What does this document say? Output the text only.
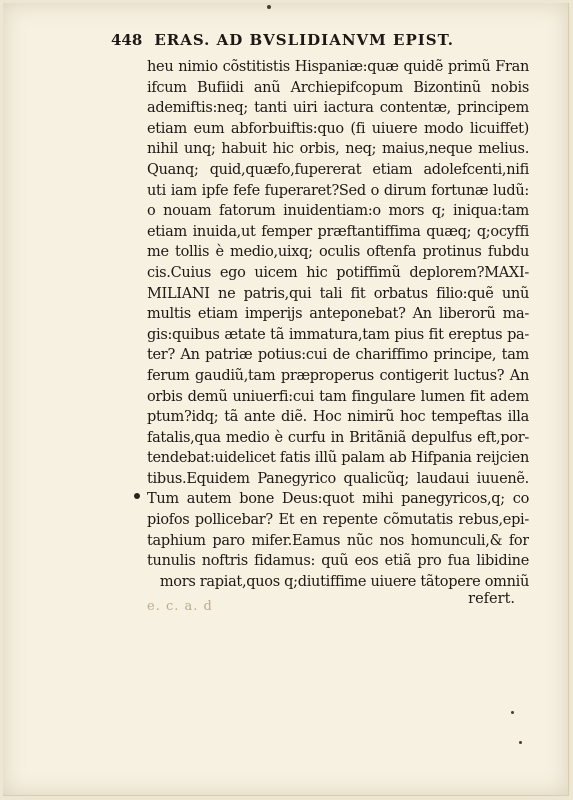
448 ERAS. AD BVSLIDIANVM EPIST.
heu nimio cõstitistis Hispaniæ:quæ quidẽ primũ Fran
ifcum Bufiidi anũ Archiepifcopum Bizontinũ nobis
ademiftis:neq; tanti uiri iactura contentæ, principem
etiam eum abforbuiftis:quo (fi uiuere modo licuiffet)
nihil unq; habuit hic orbis, neq; maius,neque melius.
Quanq; quid,quæfo,fupererat etiam adolefcenti,nifi
uti iam ipfe fefe fuperaret?Sed o dirum fortunæ ludũ:
o nouam fatorum inuidentiam:o mors q; iniqua:tam
etiam inuida,ut femper præftantiffima quæq; q;ocyffi
me tollis è medio,uixq; oculis oftenfa protinus fubdu
cis.Cuius ego uicem hic potiffimũ deplorem?MAXI-
MILIANI ne patris,qui tali fit orbatus filio:quẽ unũ
multis etiam imperijs anteponebat? An liberorũ ma-
gis:quibus ætate tã immatura,tam pius fit ereptus pa-
ter? An patriæ potius:cui de chariffimo principe, tam
ferum gaudiũ,tam præproperus contigerit luctus? An
orbis demũ uniuerfi:cui tam fingulare lumen fit adem
ptum?idq; tã ante diẽ. Hoc nimirũ hoc tempeftas illa
fatalis,qua medio è curfu in Britãniã depulfus eft,por-
tendebat:uidelicet fatis illũ palam ab Hifpania reijcien
tibus.Equidem Panegyrico qualicũq; laudaui iuuenẽ.
Tum autem bone Deus:quot mihi panegyricos,q; co
piofos pollicebar? Et en repente cõmutatis rebus,epi-
taphium paro mifer.Eamus nũc nos homunculi,& for
tunulis noftris fidamus: quũ eos etiã pro fua libidine
mors rapiat,quos q;diutiffime uiuere tãtopere omniũ
e. c. a. d	refert.
